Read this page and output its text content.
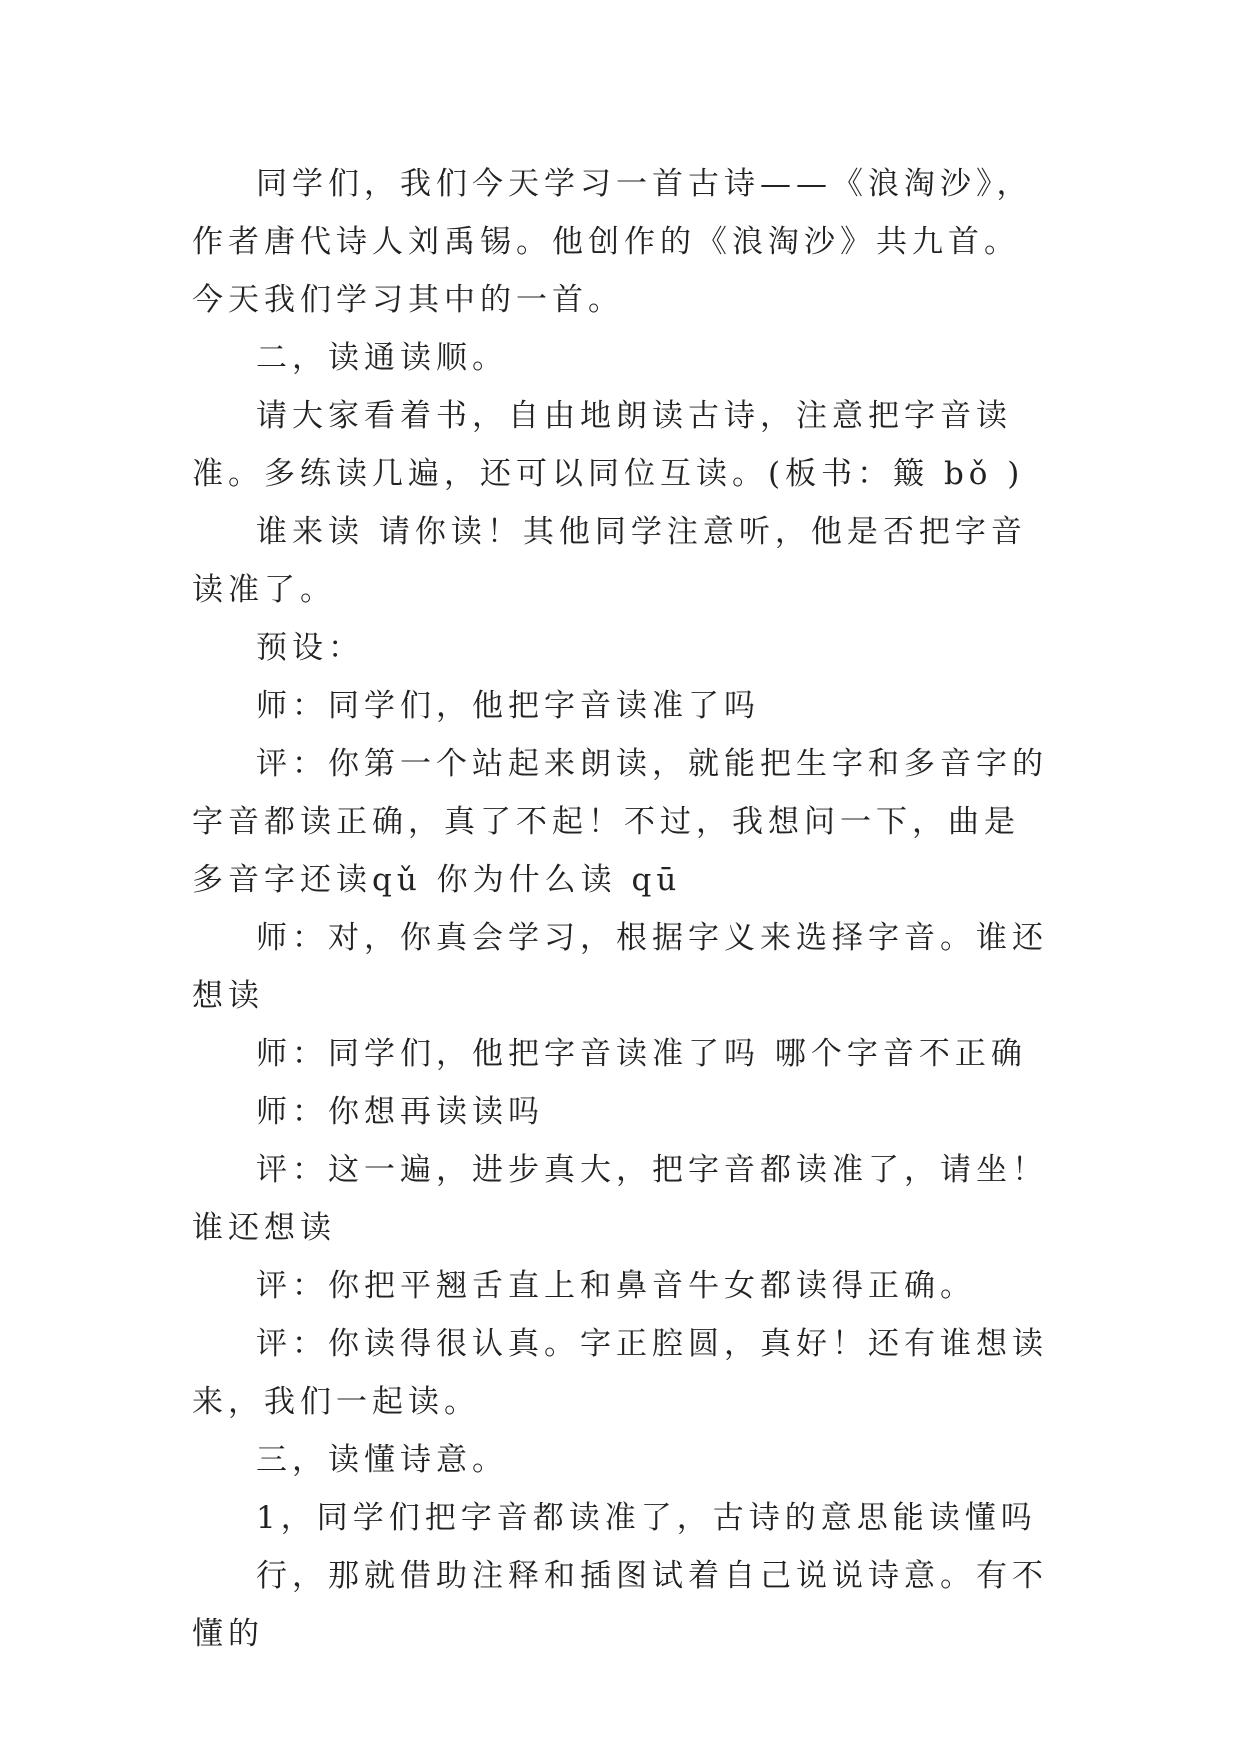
同学们，我们今天学习一首古诗——《浪淘沙》，作者唐代诗人刘禹锡。他创作的《浪淘沙》共九首。今天我们学习其中的一首。

二，读通读顺。

请大家看着书，自由地朗读古诗，注意把字音读准。多练读几遍，还可以同位互读。(板书：簸 bǒ )

谁来读 请你读！其他同学注意听，他是否把字音读准了。

预设：

师：同学们，他把字音读准了吗

评：你第一个站起来朗读，就能把生字和多音字的字音都读正确，真了不起！不过，我想问一下，曲是多音字还读qǔ 你为什么读 qū

师：对，你真会学习，根据字义来选择字音。谁还想读

师：同学们，他把字音读准了吗 哪个字音不正确

师：你想再读读吗

评：这一遍，进步真大，把字音都读准了，请坐！谁还想读

评：你把平翘舌直上和鼻音牛女都读得正确。

评：你读得很认真。字正腔圆，真好！还有谁想读 来，我们一起读。

三，读懂诗意。

1，同学们把字音都读准了，古诗的意思能读懂吗

行，那就借助注释和插图试着自己说说诗意。有不懂的
